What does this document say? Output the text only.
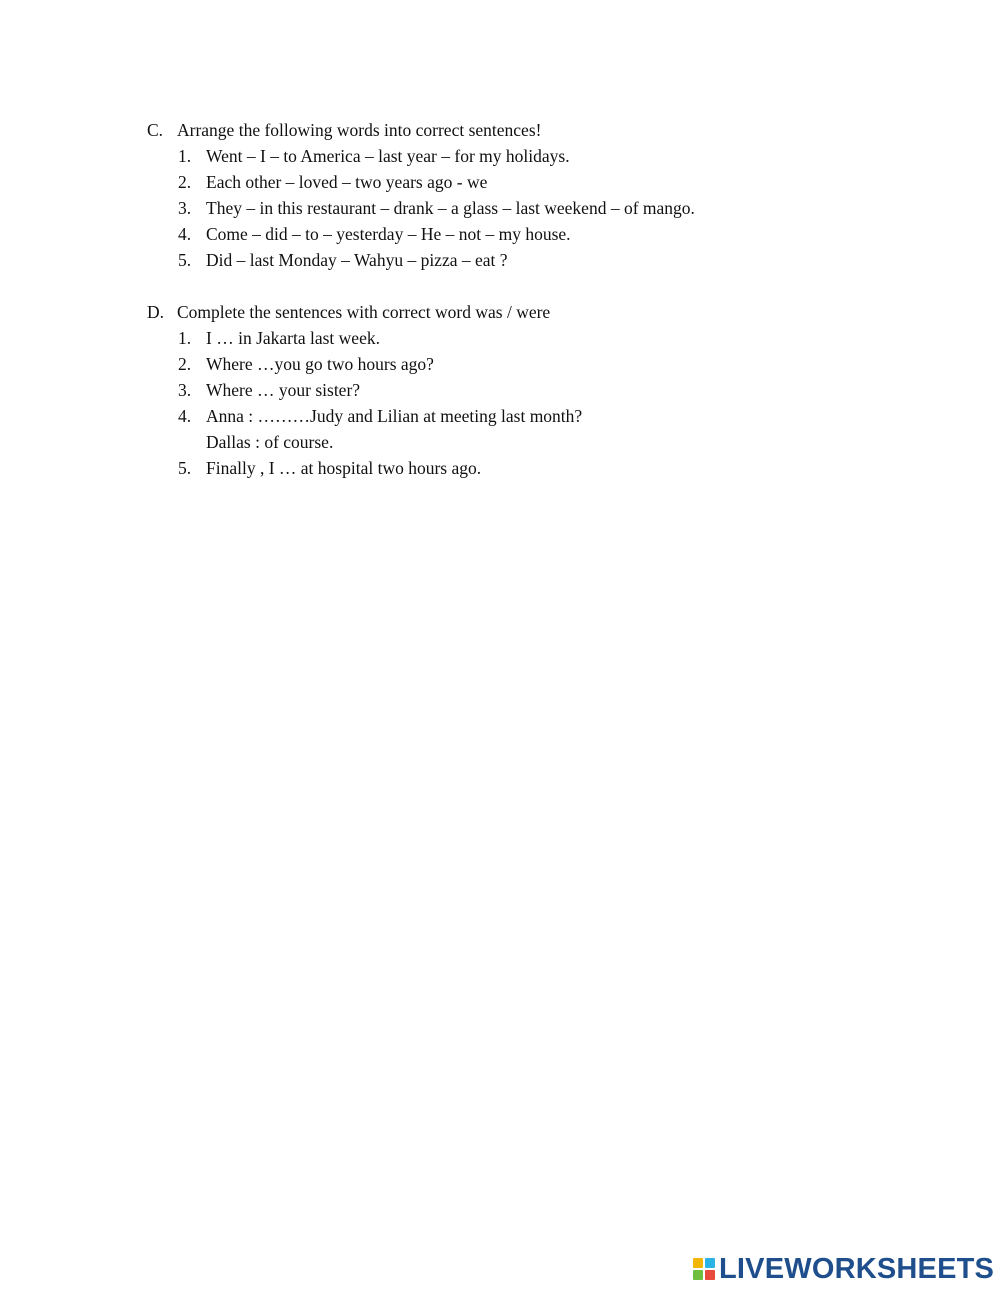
C. Arrange the following words into correct sentences!
1. Went – I – to America – last year – for my holidays.
2. Each other – loved – two years ago - we
3. They – in this restaurant – drank – a glass – last weekend – of mango.
4. Come – did – to – yesterday – He – not – my house.
5. Did – last Monday – Wahyu – pizza – eat ?
D. Complete the sentences with correct word was / were
1. I … in Jakarta last week.
2. Where …you go two hours ago?
3. Where … your sister?
4. Anna : ………Judy and Lilian at meeting last month?
Dallas : of course.
5. Finally , I … at hospital two hours ago.
LIVEWORKSHEETS
